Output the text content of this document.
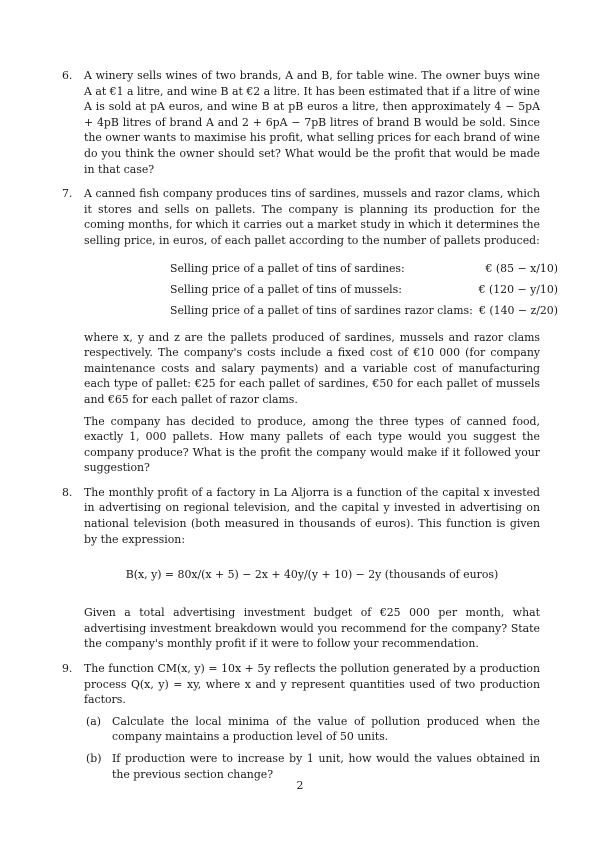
6. A winery sells wines of two brands, A and B, for table wine. The owner buys wine A at €1 a litre, and wine B at €2 a litre. It has been estimated that if a litre of wine A is sold at pA euros, and wine B at pB euros a litre, then approximately 4 − 5pA + 4pB litres of brand A and 2 + 6pA − 7pB litres of brand B would be sold. Since the owner wants to maximise his profit, what selling prices for each brand of wine do you think the owner should set? What would be the profit that would be made in that case?

7. A canned fish company produces tins of sardines, mussels and razor clams, which it stores and sells on pallets. The company is planning its production for the coming months, for which it carries out a market study in which it determines the selling price, in euros, of each pallet according to the number of pallets produced:

Selling price of a pallet of tins of sardines:	€ (85 − x/10)
Selling price of a pallet of tins of mussels:	€ (120 − y/10)
Selling price of a pallet of tins of sardines razor clams: € (140 − z/20)

where x, y and z are the pallets produced of sardines, mussels and razor clams respectively. The company's costs include a fixed cost of €10 000 (for company maintenance costs and salary payments) and a variable cost of manufacturing each type of pallet: €25 for each pallet of sardines, €50 for each pallet of mussels and €65 for each pallet of razor clams.

The company has decided to produce, among the three types of canned food, exactly 1, 000 pallets. How many pallets of each type would you suggest the company produce? What is the profit the company would make if it followed your suggestion?

8. The monthly profit of a factory in La Aljorra is a function of the capital x invested in advertising on regional television, and the capital y invested in advertising on national television (both measured in thousands of euros). This function is given by the expression:

B(x, y) = 80x/(x + 5) − 2x + 40y/(y + 10) − 2y (thousands of euros)

Given a total advertising investment budget of €25 000 per month, what advertising investment breakdown would you recommend for the company? State the company's monthly profit if it were to follow your recommendation.

9. The function CM(x, y) = 10x + 5y reflects the pollution generated by a production process Q(x, y) = xy, where x and y represent quantities used of two production factors.

(a) Calculate the local minima of the value of pollution produced when the company maintains a production level of 50 units.

(b) If production were to increase by 1 unit, how would the values obtained in the previous section change?

2
